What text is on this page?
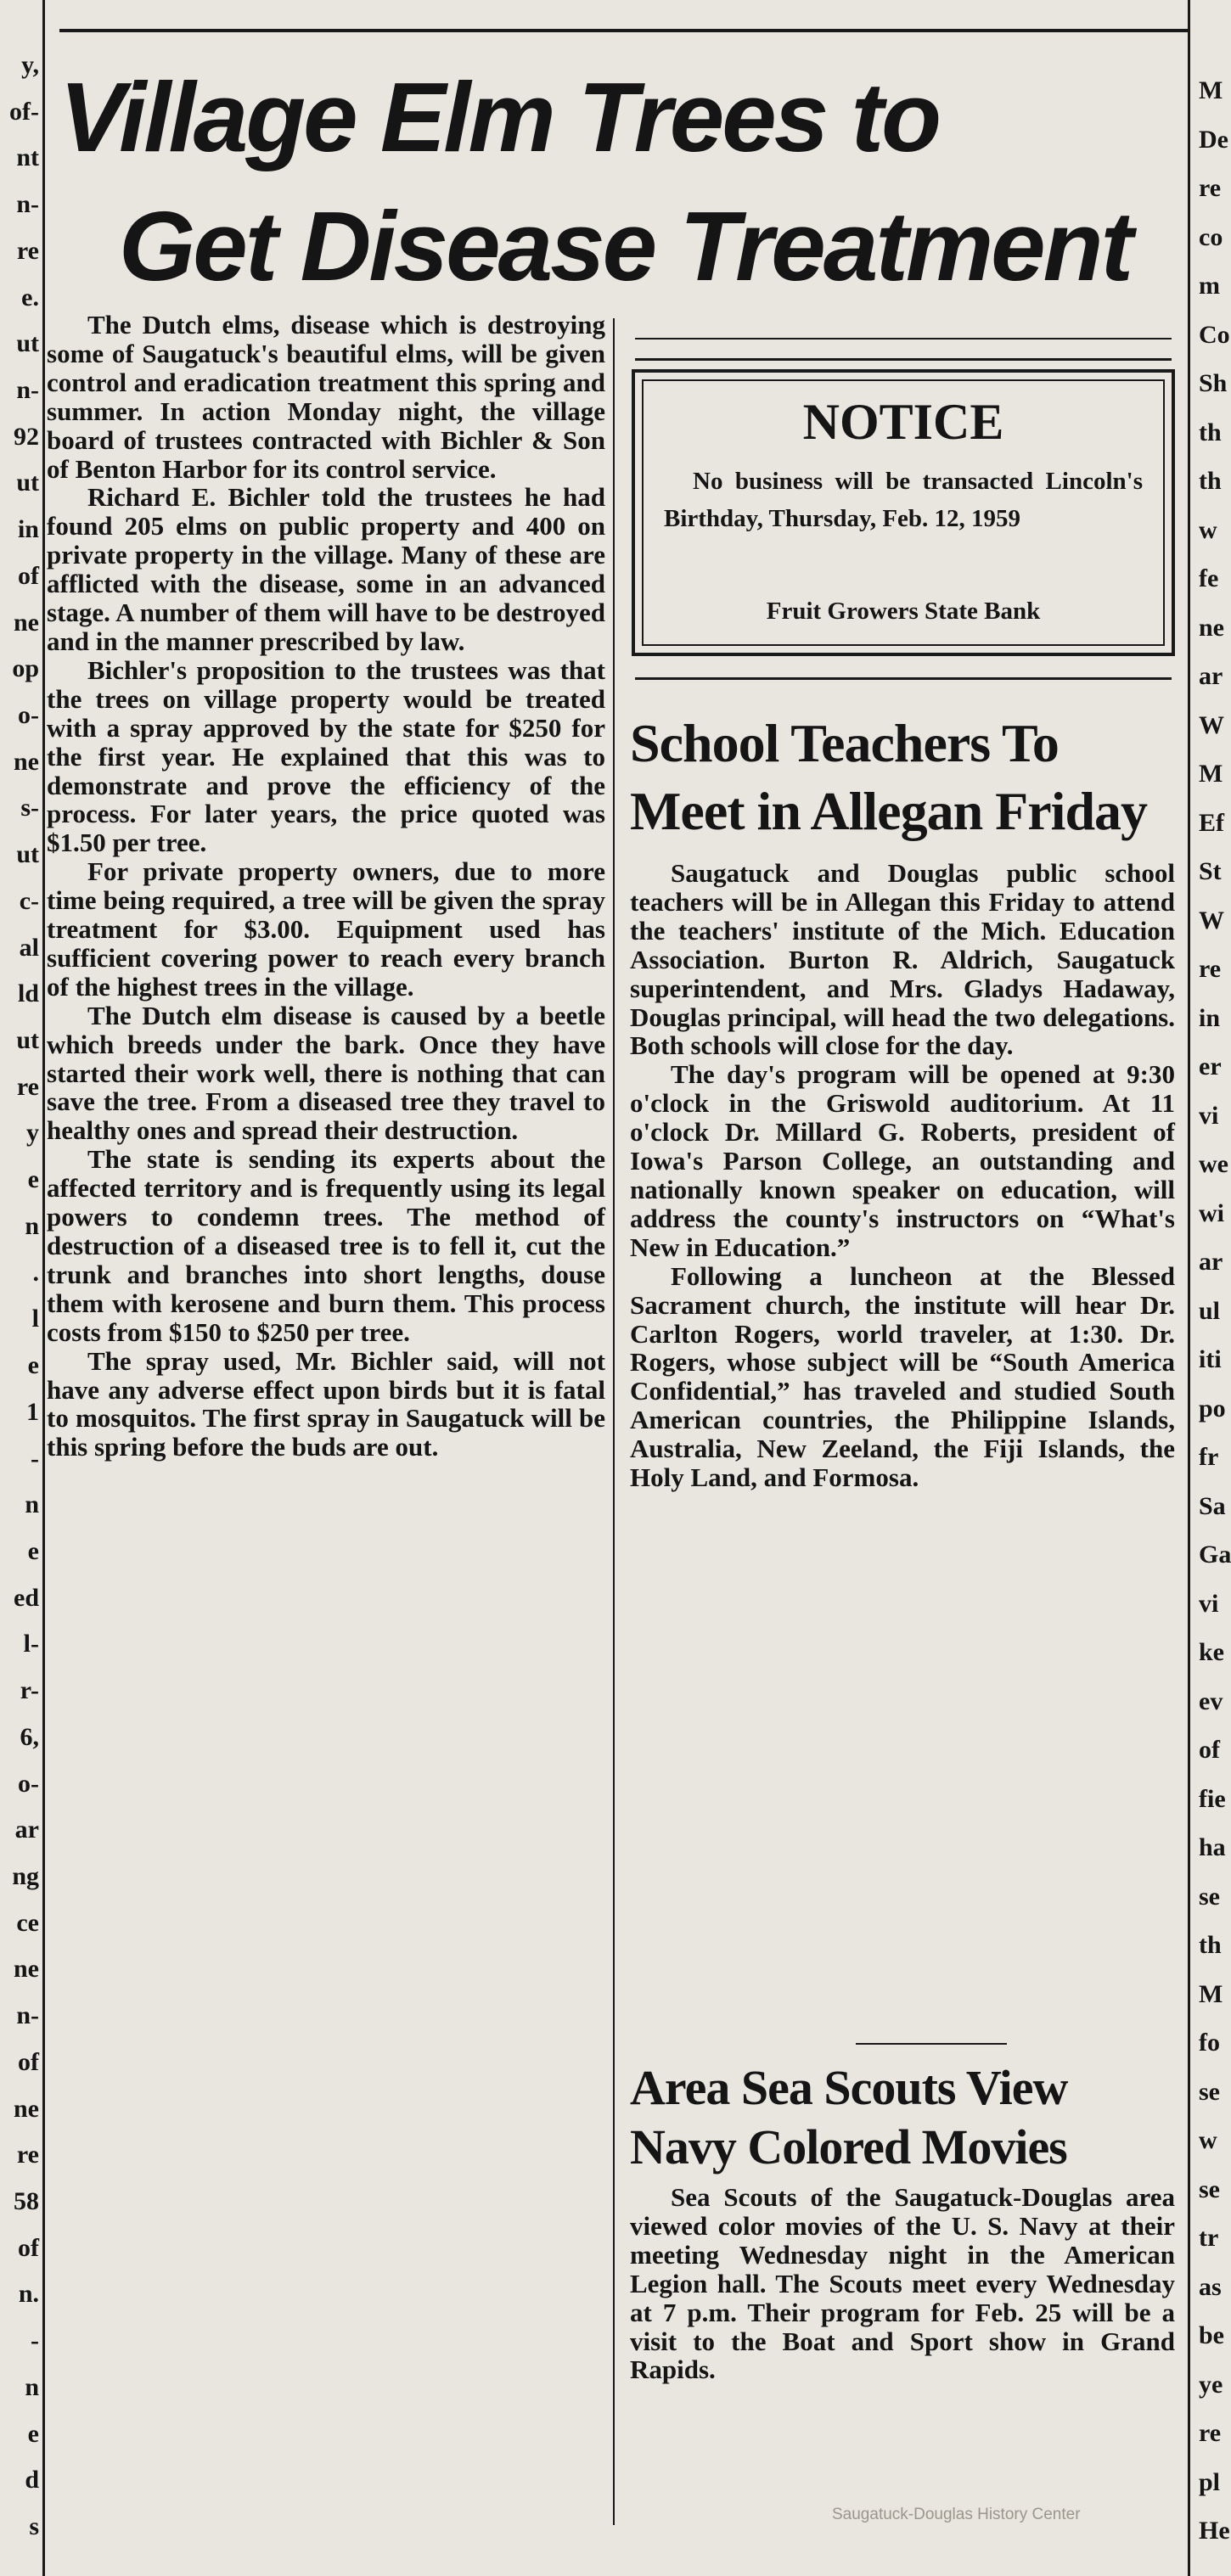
y,
of-
nt
n-
re
e.
ut
n-
92
ut
in
of
ne
op
o-
ne
s-
ut
c-
al
ld
ut
re
y
e
n
.
l
e
1
-
n
e
ed
l-
r-
6,
o-
ar
ng
ce
ne
n-
of
ne
re
58
of
n.
-
n
e
d
s
M
De
re
co
m
Co
Sh
th
th
w
fe
ne
ar
W
M
Ef
St
W
re
in
er
vi
we
wi
ar
ul
iti
po
fr
Sa
Ga
vi
ke
ev
of
fie
ha
se
th
M
fo
se
w
se
tr
as
be
ye
re
pl
He
Village Elm Trees to
Get Disease Treatment

The Dutch elms, disease which is destroying some of Saugatuck's beautiful elms, will be given control and eradication treatment this spring and summer. In action Monday night, the village board of trustees contracted with Bichler & Son of Benton Harbor for its control service.

Richard E. Bichler told the trustees he had found 205 elms on public property and 400 on private property in the village. Many of these are afflicted with the disease, some in an advanced stage. A number of them will have to be destroyed and in the manner prescribed by law.

Bichler's proposition to the trustees was that the trees on village property would be treated with a spray approved by the state for $250 for the first year. He explained that this was to demonstrate and prove the efficiency of the process. For later years, the price quoted was $1.50 per tree.

For private property owners, due to more time being required, a tree will be given the spray treatment for $3.00. Equipment used has sufficient covering power to reach every branch of the highest trees in the village.

The Dutch elm disease is caused by a beetle which breeds under the bark. Once they have started their work well, there is nothing that can save the tree. From a diseased tree they travel to healthy ones and spread their destruction.

The state is sending its experts about the affected territory and is frequently using its legal powers to condemn trees. The method of destruction of a diseased tree is to fell it, cut the trunk and branches into short lengths, douse them with kerosene and burn them. This process costs from $150 to $250 per tree.

The spray used, Mr. Bichler said, will not have any adverse effect upon birds but it is fatal to mosquitos. The first spray in Saugatuck will be this spring before the buds are out.

NOTICE

No business will be transacted Lincoln's Birthday, Thursday, Feb. 12, 1959

Fruit Growers State Bank
School Teachers To
Meet in Allegan Friday

Saugatuck and Douglas public school teachers will be in Allegan this Friday to attend the teachers' institute of the Mich. Education Association. Burton R. Aldrich, Saugatuck superintendent, and Mrs. Gladys Hadaway, Douglas principal, will head the two delegations. Both schools will close for the day.

The day's program will be opened at 9:30 o'clock in the Griswold auditorium. At 11 o'clock Dr. Millard G. Roberts, president of Iowa's Parson College, an outstanding and nationally known speaker on education, will address the county's instructors on “What's New in Education.”

Following a luncheon at the Blessed Sacrament church, the institute will hear Dr. Carlton Rogers, world traveler, at 1:30. Dr. Rogers, whose subject will be “South America Confidential,” has traveled and studied South American countries, the Philippine Islands, Australia, New Zeeland, the Fiji Islands, the Holy Land, and Formosa.

Area Sea Scouts View
Navy Colored Movies

Sea Scouts of the Saugatuck-Douglas area viewed color movies of the U. S. Navy at their meeting Wednesday night in the American Legion hall. The Scouts meet every Wednesday at 7 p.m. Their program for Feb. 25 will be a visit to the Boat and Sport show in Grand Rapids.

Saugatuck-Douglas History Center
